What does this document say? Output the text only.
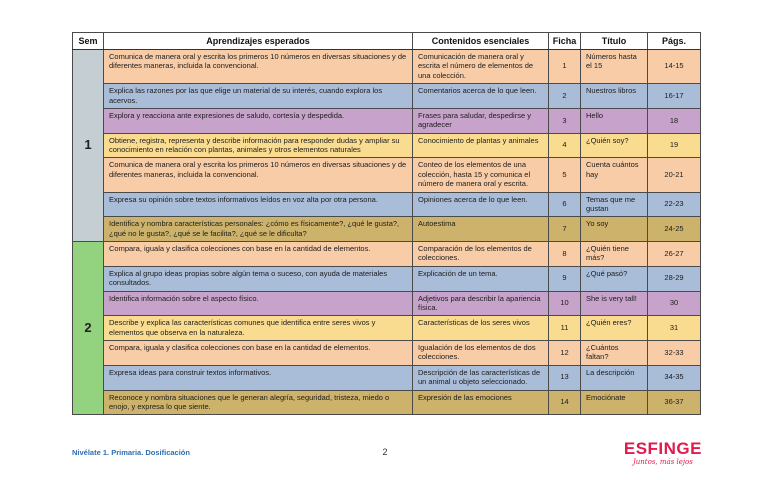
Sem	Aprendizajes esperados	Contenidos esenciales	Ficha	Título	Págs.
1	Comunica de manera oral y escrita los primeros 10 números en diversas situaciones y de diferentes maneras, incluida la convencional.	Comunicación de manera oral y escrita el número de elementos de una colección.	1	Números hasta el 15	14-15
	Explica las razones por las que elige un material de su interés, cuando explora los acervos.	Comentarios acerca de lo que leen.	2	Nuestros libros	16-17
	Explora y reacciona ante expresiones de saludo, cortesía y despedida.	Frases para saludar, despedirse y agradecer	3	Hello	18
	Obtiene, registra, representa y describe información para responder dudas y ampliar su conocimiento en relación con plantas, animales y otros elementos naturales	Conocimiento de plantas y animales	4	¿Quién soy?	19
	Comunica de manera oral y escrita los primeros 10 números en diversas situaciones y de diferentes maneras, incluida la convencional.	Conteo de los elementos de una colección, hasta 15 y comunica el número de manera oral y escrita.	5	Cuenta cuántos hay	20-21
	Expresa su opinión sobre textos informativos leídos en voz alta por otra persona.	Opiniones acerca de lo que leen.	6	Temas que me gustan	22-23
	Identifica y nombra características personales: ¿cómo es físicamente?, ¿qué le gusta?, ¿qué no le gusta?, ¿qué se le facilita?, ¿qué se le dificulta?	Autoestima	7	Yo soy	24-25
2	Compara, iguala y clasifica colecciones con base en la cantidad de elementos.	Comparación de los elementos de colecciones.	8	¿Quién tiene más?	26-27
	Explica al grupo ideas propias sobre algún tema o suceso, con ayuda de materiales consultados.	Explicación de un tema.	9	¿Qué pasó?	28-29
	Identifica información sobre el aspecto físico.	Adjetivos para describir la apariencia física.	10	She is very tall!	30
	Describe y explica las características comunes que identifica entre seres vivos y elementos que observa en la naturaleza.	Características de los seres vivos	11	¿Quién eres?	31
	Compara, iguala y clasifica colecciones con base en la cantidad de elementos.	Igualación de los elementos de dos colecciones.	12	¿Cuántos faltan?	32-33
	Expresa ideas para construir textos informativos.	Descripción de las características de un animal u objeto seleccionado.	13	La descripción	34-35
	Reconoce y nombra situaciones que le generan alegría, seguridad, tristeza, miedo o enojo, y expresa lo que siente.	Expresión de las emociones	14	Emociónate	36-37
Nivélate 1. Primaria. Dosificación	2	ESFINGE
Juntos, más lejos
